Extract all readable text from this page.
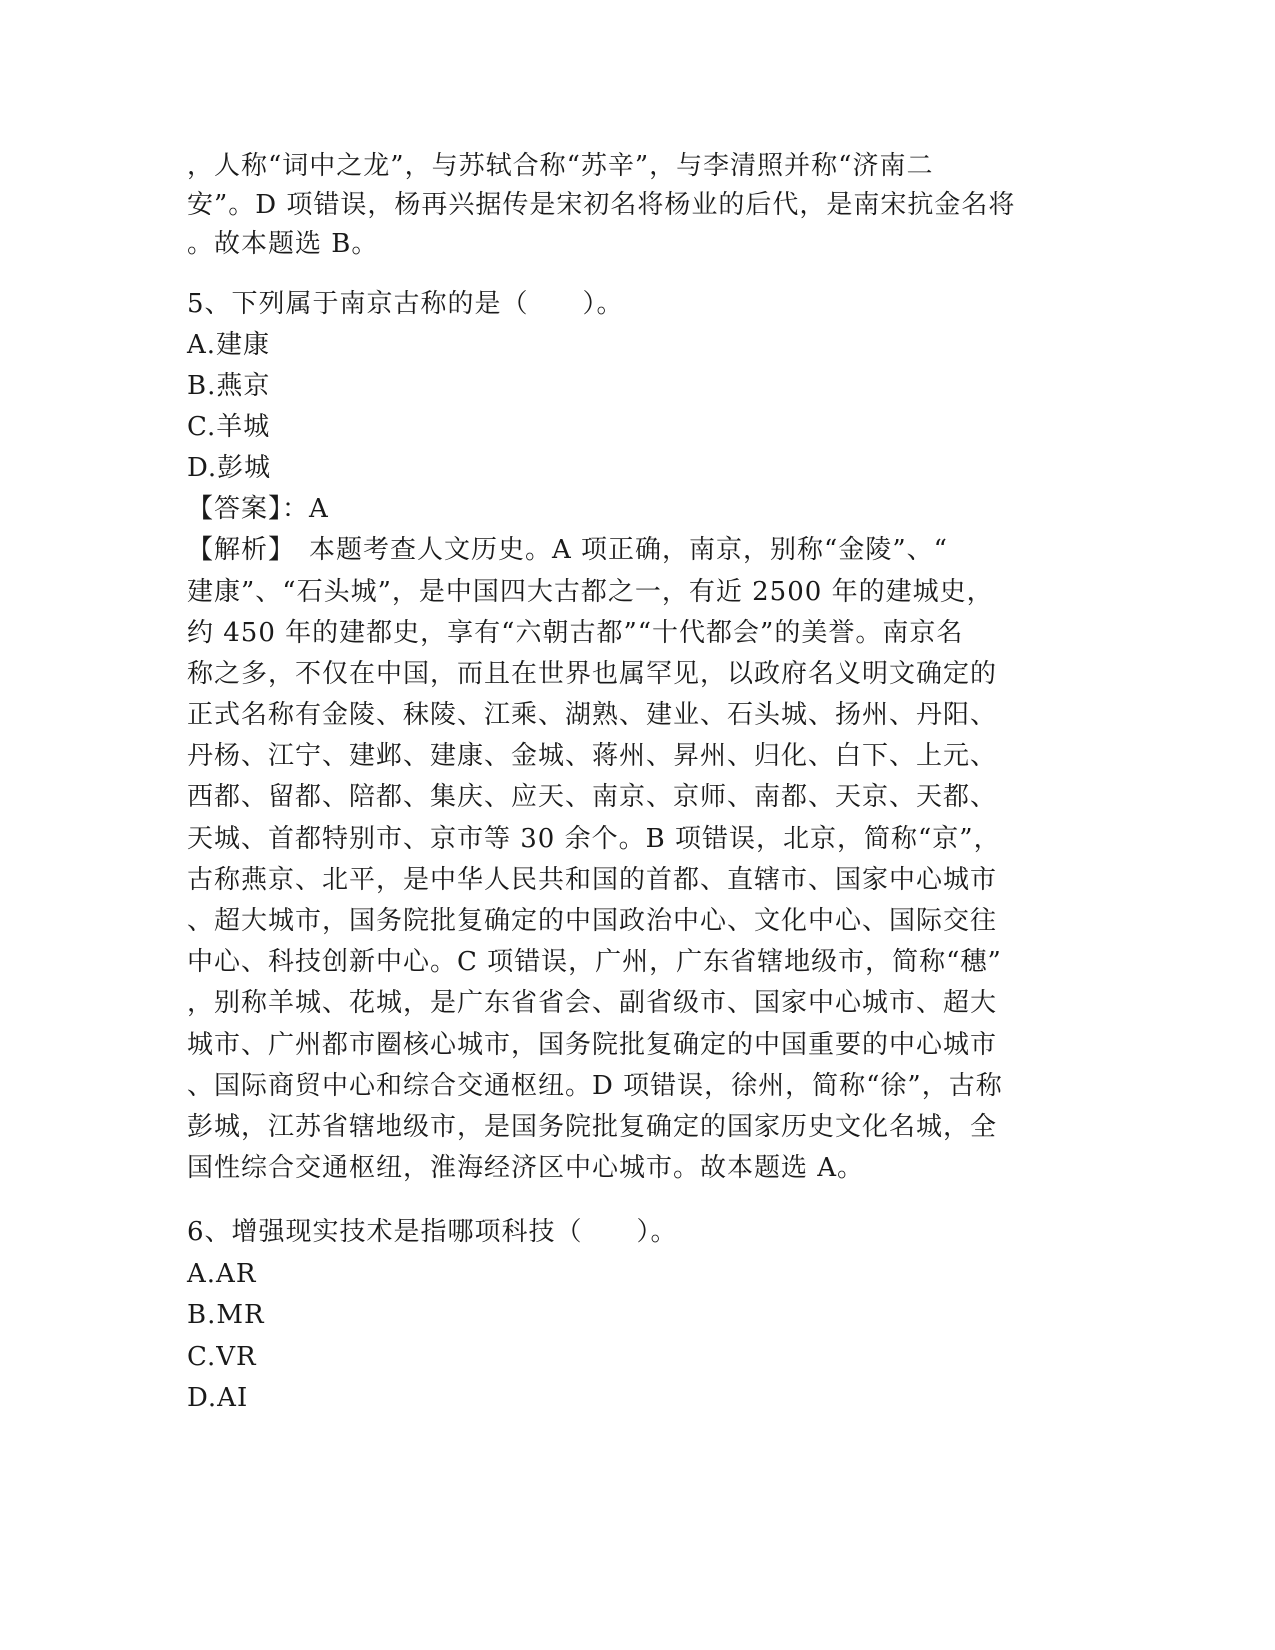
，人称“词中之龙”，与苏轼合称“苏辛”，与李清照并称“济南二
安”。D 项错误，杨再兴据传是宋初名将杨业的后代，是南宋抗金名将
。故本题选 B。
5、下列属于南京古称的是（　　）。
A.建康
B.燕京
C.羊城
D.彭城
【答案】：A
【解析】　本题考查人文历史。A 项正确，南京，别称“金陵”、“
建康”、“石头城”，是中国四大古都之一，有近 2500 年的建城史，
约 450 年的建都史，享有“六朝古都”“十代都会”的美誉。南京名
称之多，不仅在中国，而且在世界也属罕见，以政府名义明文确定的
正式名称有金陵、秣陵、江乘、湖熟、建业、石头城、扬州、丹阳、
丹杨、江宁、建邺、建康、金城、蒋州、昇州、归化、白下、上元、
西都、留都、陪都、集庆、应天、南京、京师、南都、天京、天都、
天城、首都特别市、京市等 30 余个。B 项错误，北京，简称“京”，
古称燕京、北平，是中华人民共和国的首都、直辖市、国家中心城市
、超大城市，国务院批复确定的中国政治中心、文化中心、国际交往
中心、科技创新中心。C 项错误，广州，广东省辖地级市，简称“穗”
，别称羊城、花城，是广东省省会、副省级市、国家中心城市、超大
城市、广州都市圈核心城市，国务院批复确定的中国重要的中心城市
、国际商贸中心和综合交通枢纽。D 项错误，徐州，简称“徐”，古称
彭城，江苏省辖地级市，是国务院批复确定的国家历史文化名城，全
国性综合交通枢纽，淮海经济区中心城市。故本题选 A。
6、增强现实技术是指哪项科技（　　）。
A.AR
B.MR
C.VR
D.AI
